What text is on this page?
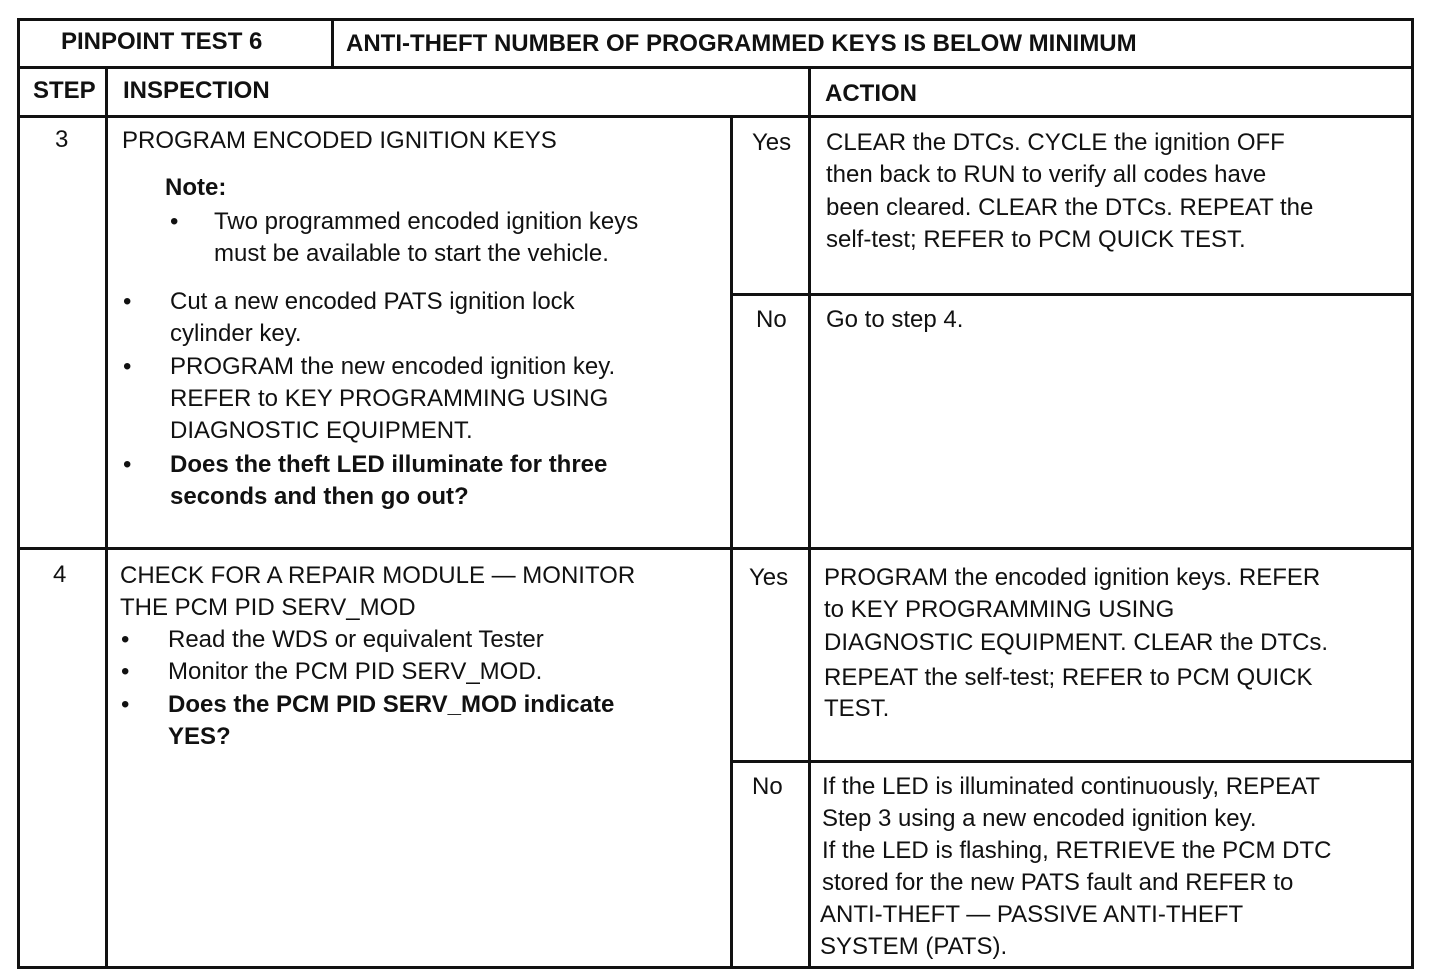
PINPOINT TEST 6	ANTI-THEFT NUMBER OF PROGRAMMED KEYS IS BELOW MINIMUM
STEP INSPECTION	ACTION
3 PROGRAM ENCODED IGNITION KEYS
Note:
• Two programmed encoded ignition keys
must be available to start the vehicle.
• Cut a new encoded PATS ignition lock
cylinder key.
• PROGRAM the new encoded ignition key.
REFER to KEY PROGRAMMING USING
DIAGNOSTIC EQUIPMENT.
• Does the theft LED illuminate for three
seconds and then go out?
Yes CLEAR the DTCs. CYCLE the ignition OFF
then back to RUN to verify all codes have
been cleared. CLEAR the DTCs. REPEAT the
self-test; REFER to PCM QUICK TEST.
No Go to step 4.
4 CHECK FOR A REPAIR MODULE — MONITOR
THE PCM PID SERV_MOD
• Read the WDS or equivalent Tester
• Monitor the PCM PID SERV_MOD.
• Does the PCM PID SERV_MOD indicate
YES?
Yes PROGRAM the encoded ignition keys. REFER
to KEY PROGRAMMING USING
DIAGNOSTIC EQUIPMENT. CLEAR the DTCs.
REPEAT the self-test; REFER to PCM QUICK
TEST.
No If the LED is illuminated continuously, REPEAT
Step 3 using a new encoded ignition key.
If the LED is flashing, RETRIEVE the PCM DTC
stored for the new PATS fault and REFER to
ANTI-THEFT — PASSIVE ANTI-THEFT
SYSTEM (PATS).
